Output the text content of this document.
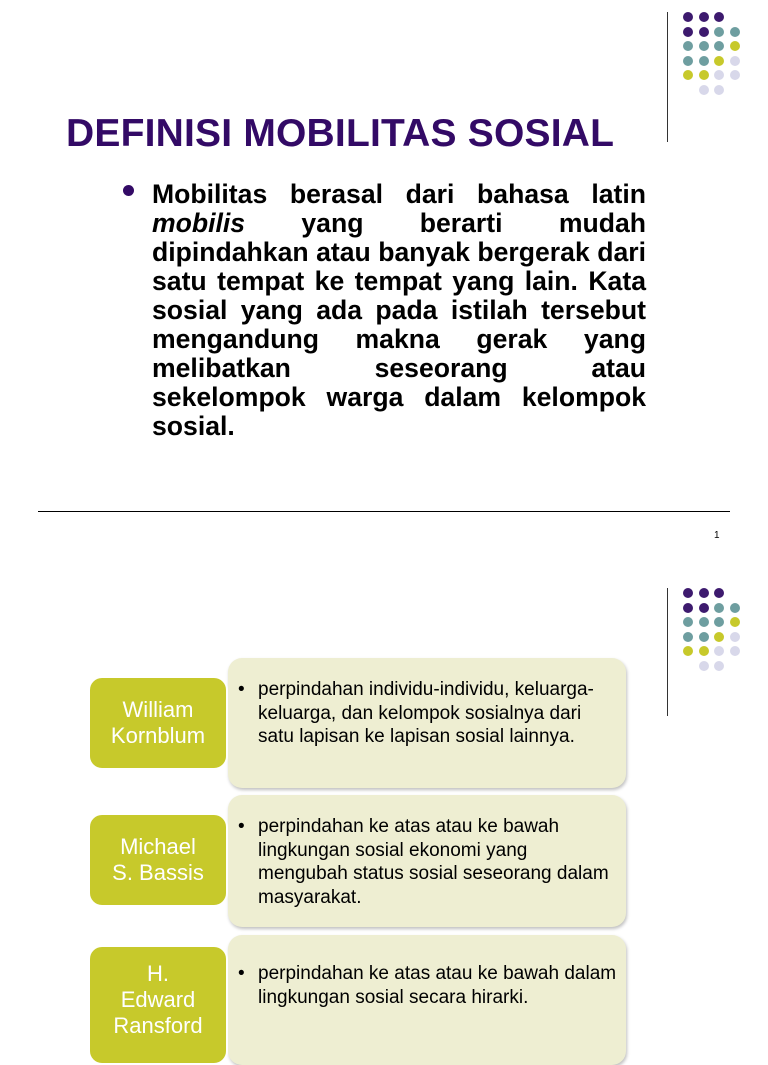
DEFINISI MOBILITAS SOSIAL
Mobilitas berasal dari bahasa latin mobilis yang berarti mudah dipindahkan atau banyak bergerak dari satu tempat ke tempat yang lain. Kata sosial yang ada pada istilah tersebut mengandung makna gerak yang melibatkan seseorang atau sekelompok warga dalam kelompok sosial.
1
William
Kornblum
• perpindahan individu-individu, keluarga-keluarga, dan kelompok sosialnya dari satu lapisan ke lapisan sosial lainnya.
Michael
S. Bassis
• perpindahan ke atas atau ke bawah lingkungan sosial ekonomi yang mengubah status sosial seseorang dalam masyarakat.
H.
Edward
Ransford
• perpindahan ke atas atau ke bawah dalam lingkungan sosial secara hirarki.
